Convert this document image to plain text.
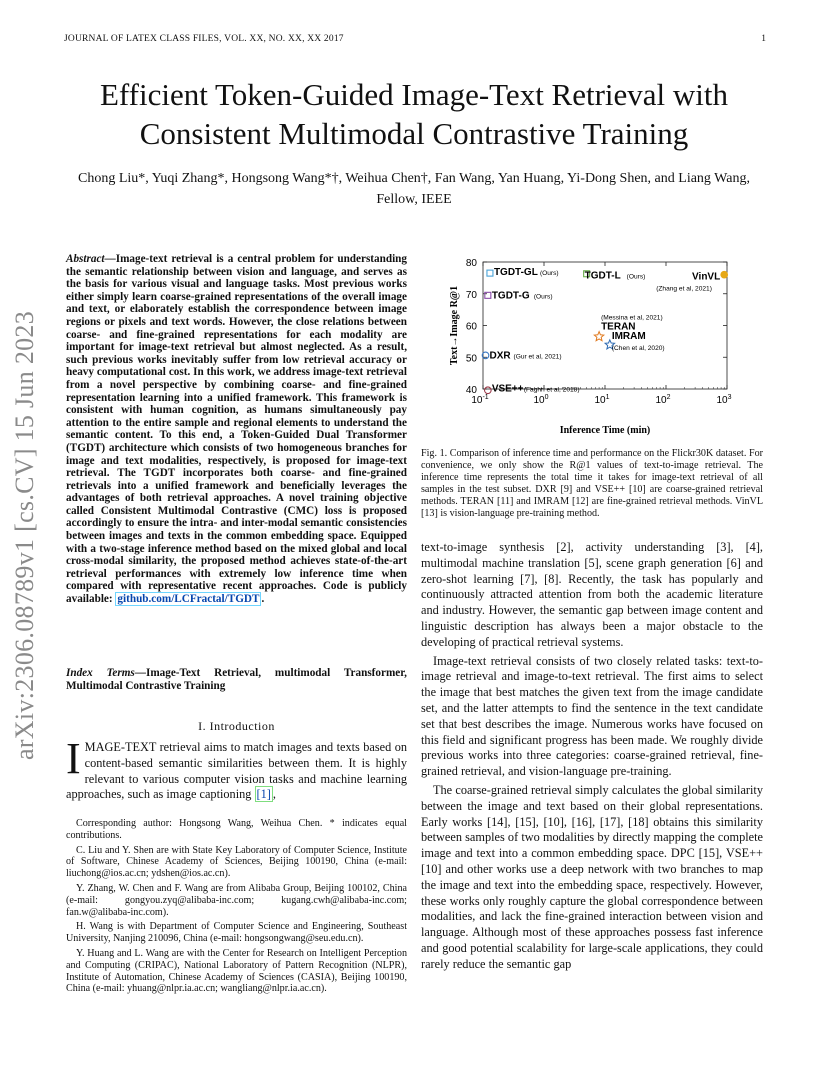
JOURNAL OF LATEX CLASS FILES, VOL. XX, NO. XX, XX 2017	1
arXiv:2306.08789v1 [cs.CV] 15 Jun 2023
Efficient Token-Guided Image-Text Retrieval with Consistent Multimodal Contrastive Training
Chong Liu*, Yuqi Zhang*, Hongsong Wang*†, Weihua Chen†, Fan Wang, Yan Huang, Yi-Dong Shen, and Liang Wang, Fellow, IEEE
Abstract—Image-text retrieval is a central problem for understanding the semantic relationship between vision and language, and serves as the basis for various visual and language tasks. Most previous works either simply learn coarse-grained representations of the overall image and text, or elaborately establish the correspondence between image regions or pixels and text words. However, the close relations between coarse- and fine-grained representations for each modality are important for image-text retrieval but almost neglected. As a result, such previous works inevitably suffer from low retrieval accuracy or heavy computational cost. In this work, we address image-text retrieval from a novel perspective by combining coarse- and fine-grained representation learning into a unified framework. This framework is consistent with human cognition, as humans simultaneously pay attention to the entire sample and regional elements to understand the semantic content. To this end, a Token-Guided Dual Transformer (TGDT) architecture which consists of two homogeneous branches for image and text modalities, respectively, is proposed for image-text retrieval. The TGDT incorporates both coarse- and fine-grained retrievals into a unified framework and beneficially leverages the advantages of both retrieval approaches. A novel training objective called Consistent Multimodal Contrastive (CMC) loss is proposed accordingly to ensure the intra- and inter-modal semantic consistencies between images and texts in the common embedding space. Equipped with a two-stage inference method based on the mixed global and local cross-modal similarity, the proposed method achieves state-of-the-art retrieval performances with extremely low inference time when compared with representative recent approaches. Code is publicly available: github.com/LCFractal/TGDT .
Index Terms—Image-Text Retrieval, multimodal Transformer, Multimodal Contrastive Training
I. Introduction
IMAGE-TEXT retrieval aims to match images and texts based on content-based semantic similarities between them. It is highly relevant to various computer vision tasks and machine learning approaches, such as image captioning [1] ,

Corresponding author: Hongsong Wang, Weihua Chen. * indicates equal contributions.

C. Liu and Y. Shen are with State Key Laboratory of Computer Science, Institute of Software, Chinese Academy of Sciences, Beijing 100190, China (e-mail: liuchong@ios.ac.cn; ydshen@ios.ac.cn).

Y. Zhang, W. Chen and F. Wang are from Alibaba Group, Beijing 100102, China (e-mail: gongyou.zyq@alibaba-inc.com; kugang.cwh@alibaba-inc.com; fan.w@alibaba-inc.com).

H. Wang is with Department of Computer Science and Engineering, Southeast University, Nanjing 210096, China (e-mail: hongsongwang@seu.edu.cn).

Y. Huang and L. Wang are with the Center for Research on Intelligent Perception and Computing (CRIPAC), National Laboratory of Pattern Recognition (NLPR), Institute of Automation, Chinese Academy of Sciences (CASIA), Beijing 100190, China (e-mail: yhuang@nlpr.ia.ac.cn; wangliang@nlpr.ia.ac.cn).

40
50
60
70
80
$10^{-1}$	$10^0$	$10^1$	$10^2$	$10^3$
Inference Time (min)
Text→Image R@1
TGDT-GL (Ours)
TGDT-G (Ours)
TGDT-L (Ours)	VinVL
(Zhang et al, 2021)
TERAN
(Messina et al, 2021)
IMRAM
(Chen et al, 2020)
DXR (Gur et al, 2021)
VSE++ (Faghri et al, 2018)
Fig. 1. Comparison of inference time and performance on the Flickr30K dataset. For convenience, we only show the R@1 values of text-to-image retrieval. The inference time represents the total time it takes for image-text retrieval of all samples in the test subset. DXR [9] and VSE++ [10] are coarse-grained retrieval methods. TERAN [11] and IMRAM [12] are fine-grained retrieval methods. VinVL [13] is vision-language pre-training method.

text-to-image synthesis [2], activity understanding [3], [4], multimodal machine translation [5], scene graph generation [6] and zero-shot learning [7], [8]. Recently, the task has popularly and continuously attracted attention from both the academic literature and industry. However, the semantic gap between image content and linguistic description has always been a major obstacle to the developing of practical retrieval systems.

Image-text retrieval consists of two closely related tasks: text-to-image retrieval and image-to-text retrieval. The first aims to select the image that best matches the given text from the image candidate set, and the latter attempts to find the sentence in the text candidate set that best describes the image. Numerous works have focused on this field and significant progress has been made. We roughly divide previous works into three categories: coarse-grained retrieval, fine-grained retrieval, and vision-language pre-training.

The coarse-grained retrieval simply calculates the global similarity between the image and text based on their global representations. Early works [14], [15], [10], [16], [17], [18] obtains this similarity between samples of two modalities by directly mapping the complete image and text into a common embedding space. DPC [15], VSE++ [10] and other works use a deep network with two branches to map the image and text into the embedding space, respectively. However, these works only roughly capture the global correspondence between modalities, and lack the fine-grained interaction between vision and language. Although most of these approaches possess fast inference and good potential scalability for large-scale applications, they could rarely reduce the semantic gap
